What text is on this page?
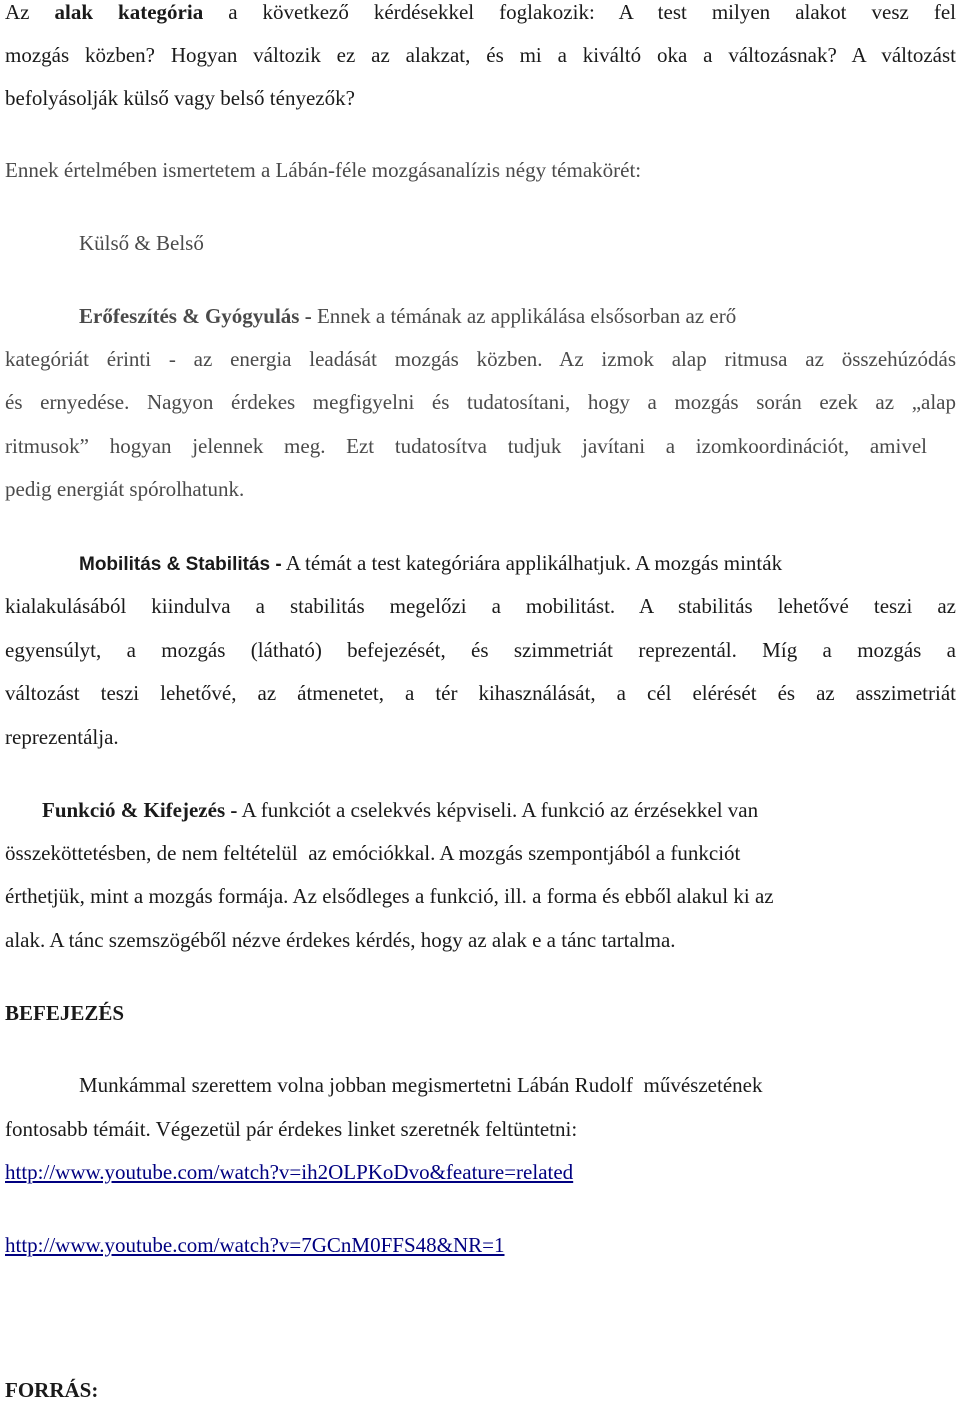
Az alak kategória a következő kérdésekkel foglakozik: A test milyen alakot vesz fel
mozgás közben? Hogyan változik ez az alakzat, és mi a kiváltó oka a változásnak? A változást
befolyásolják külső vagy belső tényezők?
Ennek értelmében ismertetem a Lábán-féle mozgásanalízis négy témakörét:
Külső & Belső
Erőfeszítés & Gyógyulás - Ennek a témának az applikálása elsősorban az erő
kategóriát érinti - az energia leadását mozgás közben. Az izmok alap ritmusa az összehúzódás
és ernyedése. Nagyon érdekes megfigyelni és tudatosítani, hogy a mozgás során ezek az „alap
ritmusok” hogyan jelennek meg. Ezt tudatosítva tudjuk javítani a izomkoordinációt, amivel
pedig energiát spórolhatunk.
Mobilitás & Stabilitás - A témát a test kategóriára applikálhatjuk. A mozgás minták
kialakulásából kiindulva a stabilitás megelőzi a mobilitást. A stabilitás lehetővé teszi az
egyensúlyt, a mozgás (látható) befejezését, és szimmetriát reprezentál. Míg a mozgás a
változást teszi lehetővé, az átmenetet, a tér kihasználását, a cél elérését és az asszimetriát
reprezentálja.
Funkció & Kifejezés - A funkciót a cselekvés képviseli. A funkció az érzésekkel van
összeköttetésben, de nem feltételül  az emóciókkal. A mozgás szempontjából a funkciót
érthetjük, mint a mozgás formája. Az elsődleges a funkció, ill. a forma és ebből alakul ki az
alak. A tánc szemszögéből nézve érdekes kérdés, hogy az alak e a tánc tartalma.
BEFEJEZÉS
Munkámmal szerettem volna jobban megismertetni Lábán Rudolf  művészetének
fontosabb témáit. Végezetül pár érdekes linket szeretnék feltüntetni:
http://www.youtube.com/watch?v=ih2OLPKoDvo&feature=related
http://www.youtube.com/watch?v=7GCnM0FFS48&NR=1
FORRÁS:
